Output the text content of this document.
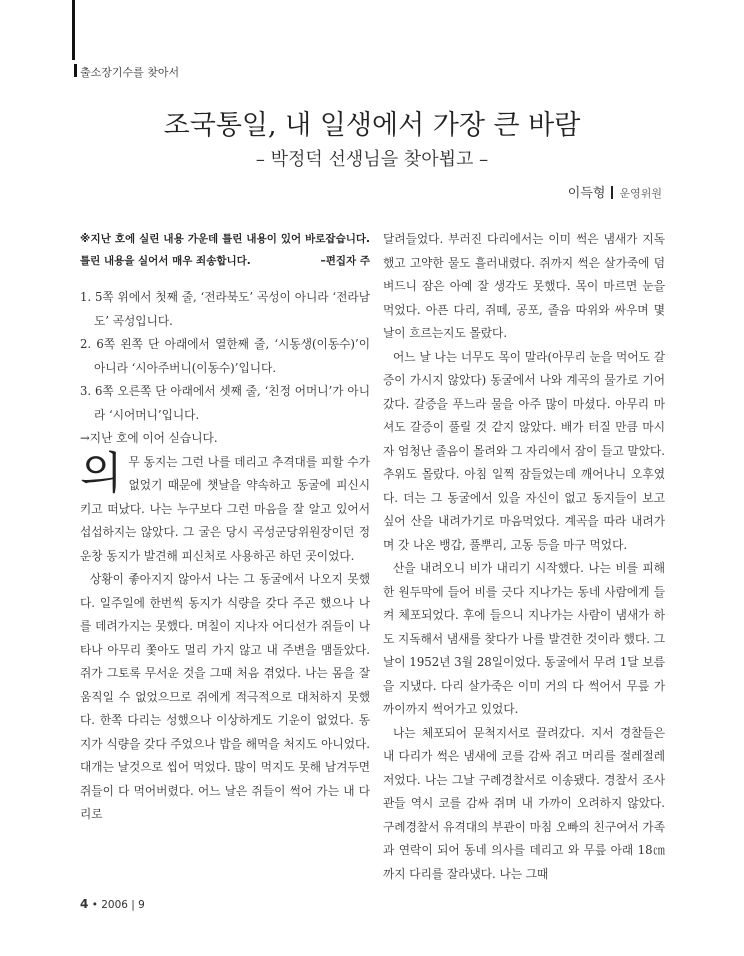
출소장기수를 찾아서
조국통일, 내 일생에서 가장 큰 바람
– 박정덕 선생님을 찾아뵙고 –
이득형 운영위원
※지난 호에 실린 내용 가운데 틀린 내용이 있어 바로잡습니다. 틀린 내용을 실어서 매우 죄송합니다.	–편집자 주
1. 5쪽 위에서 첫째 줄, ‘전라북도’ 곡성이 아니라 ‘전라남도’ 곡성입니다.
2. 6쪽 왼쪽 단 아래에서 열한째 줄, ‘시동생(이동수)’이 아니라 ‘시아주버니(이동수)’입니다.
3. 6쪽 오른쪽 단 아래에서 셋째 줄, ‘친정 어머니’가 아니라 ‘시어머니’입니다.

→지난 호에 이어 싣습니다.

의무 동지는 그런 나를 데리고 추격대를 피할 수가 없었기 때문에 챗날을 약속하고 동굴에 피신시키고 떠났다. 나는 누구보다 그런 마음을 잘 알고 있어서 섭섭하지는 않았다. 그 굴은 당시 곡성군당위원장이던 정운창 동지가 발견해 피신처로 사용하곤 하던 곳이었다.

상황이 좋아지지 않아서 나는 그 동굴에서 나오지 못했다. 일주일에 한번씩 동지가 식량을 갖다 주곤 했으나 나를 데려가지는 못했다. 며칠이 지나자 어디선가 쥐들이 나타나 아무리 쫓아도 멀리 가지 않고 내 주변을 맴돌았다. 쥐가 그토록 무서운 것을 그때 처음 겪었다. 나는 몸을 잘 움직일 수 없었으므로 쥐에게 적극적으로 대처하지 못했다. 한쪽 다리는 성했으나 이상하게도 기운이 없었다. 동지가 식량을 갖다 주었으나 밥을 해먹을 처지도 아니었다. 대개는 날것으로 씹어 먹었다. 많이 먹지도 못해 남겨두면 쥐들이 다 먹어버렸다. 어느 날은 쥐들이 썩어 가는 내 다리로

달려들었다. 부러진 다리에서는 이미 썩은 냄새가 지독했고 고약한 물도 흘러내렸다. 쥐까지 썩은 살가죽에 덤벼드니 잠은 아예 잘 생각도 못했다. 목이 마르면 눈을 먹었다. 아픈 다리, 쥐떼, 공포, 졸음 따위와 싸우며 몇 날이 흐르는지도 몰랐다.

어느 날 나는 너무도 목이 말라(아무리 눈을 먹어도 갈증이 가시지 않았다) 동굴에서 나와 계곡의 물가로 기어갔다. 갈증을 푸느라 물을 아주 많이 마셨다. 아무리 마셔도 갈증이 풀릴 것 같지 않았다. 배가 터질 만큼 마시자 엄청난 졸음이 몰려와 그 자리에서 잠이 들고 말았다. 추위도 몰랐다. 아침 일찍 잠들었는데 깨어나니 오후였다. 더는 그 동굴에서 있을 자신이 없고 동지들이 보고 싶어 산을 내려가기로 마음먹었다. 계곡을 따라 내려가며 갓 나온 뱅갑, 풀뿌리, 고동 등을 마구 먹었다.

산을 내려오니 비가 내리기 시작했다. 나는 비를 피해 한 원두막에 들어 비를 긋다 지나가는 동네 사람에게 들켜 체포되었다. 후에 들으니 지나가는 사람이 냄새가 하도 지독해서 냄새를 찾다가 나를 발견한 것이라 했다. 그날이 1952년 3월 28일이었다. 동굴에서 무려 1달 보름을 지냈다. 다리 살가죽은 이미 거의 다 썩어서 무릎 가까이까지 썩어가고 있었다.

나는 체포되어 문척지서로 끌려갔다. 지서 경찰들은 내 다리가 썩은 냄새에 코를 감싸 쥐고 머리를 절레절레 저었다. 나는 그날 구례경찰서로 이송됐다. 경찰서 조사관들 역시 코를 감싸 쥐며 내 가까이 오려하지 않았다. 구례경찰서 유격대의 부관이 마침 오빠의 친구여서 가족과 연락이 되어 동네 의사를 데리고 와 무릎 아래 18㎝까지 다리를 잘라냈다. 나는 그때

4 • 2006 | 9
